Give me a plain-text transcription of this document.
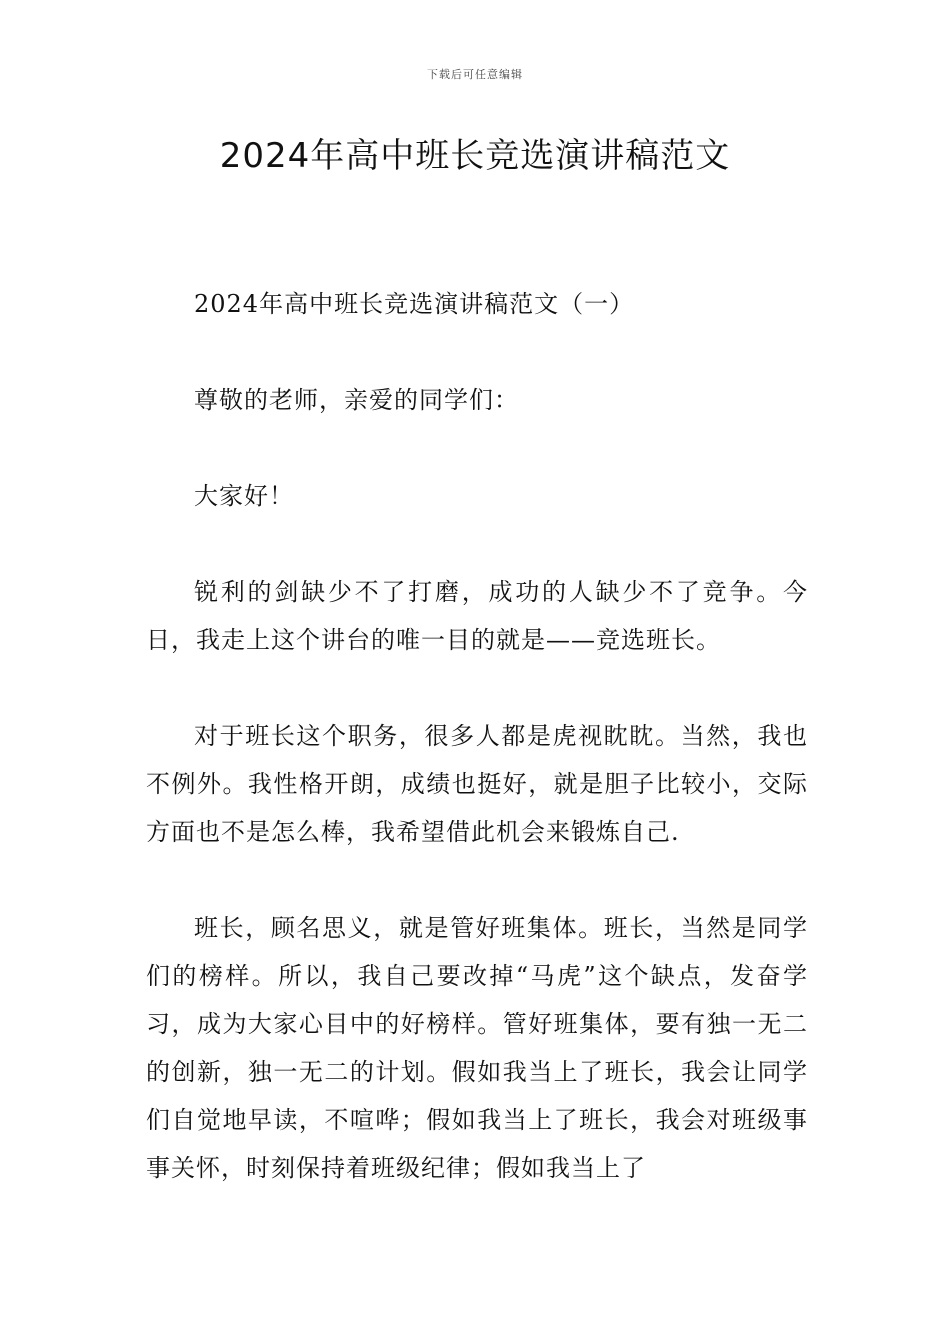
下载后可任意编辑
2024年高中班长竞选演讲稿范文

2024年高中班长竞选演讲稿范文（一）

尊敬的老师，亲爱的同学们：

大家好！

锐利的剑缺少不了打磨，成功的人缺少不了竞争。今日，我走上这个讲台的唯一目的就是——竞选班长。

对于班长这个职务，很多人都是虎视眈眈。当然，我也不例外。我性格开朗，成绩也挺好，就是胆子比较小，交际方面也不是怎么棒，我希望借此机会来锻炼自己.

班长，顾名思义，就是管好班集体。班长，当然是同学们的榜样。所以，我自己要改掉“马虎”这个缺点，发奋学习，成为大家心目中的好榜样。管好班集体，要有独一无二的创新，独一无二的计划。假如我当上了班长，我会让同学们自觉地早读，不喧哗；假如我当上了班长，我会对班级事事关怀，时刻保持着班级纪律；假如我当上了
